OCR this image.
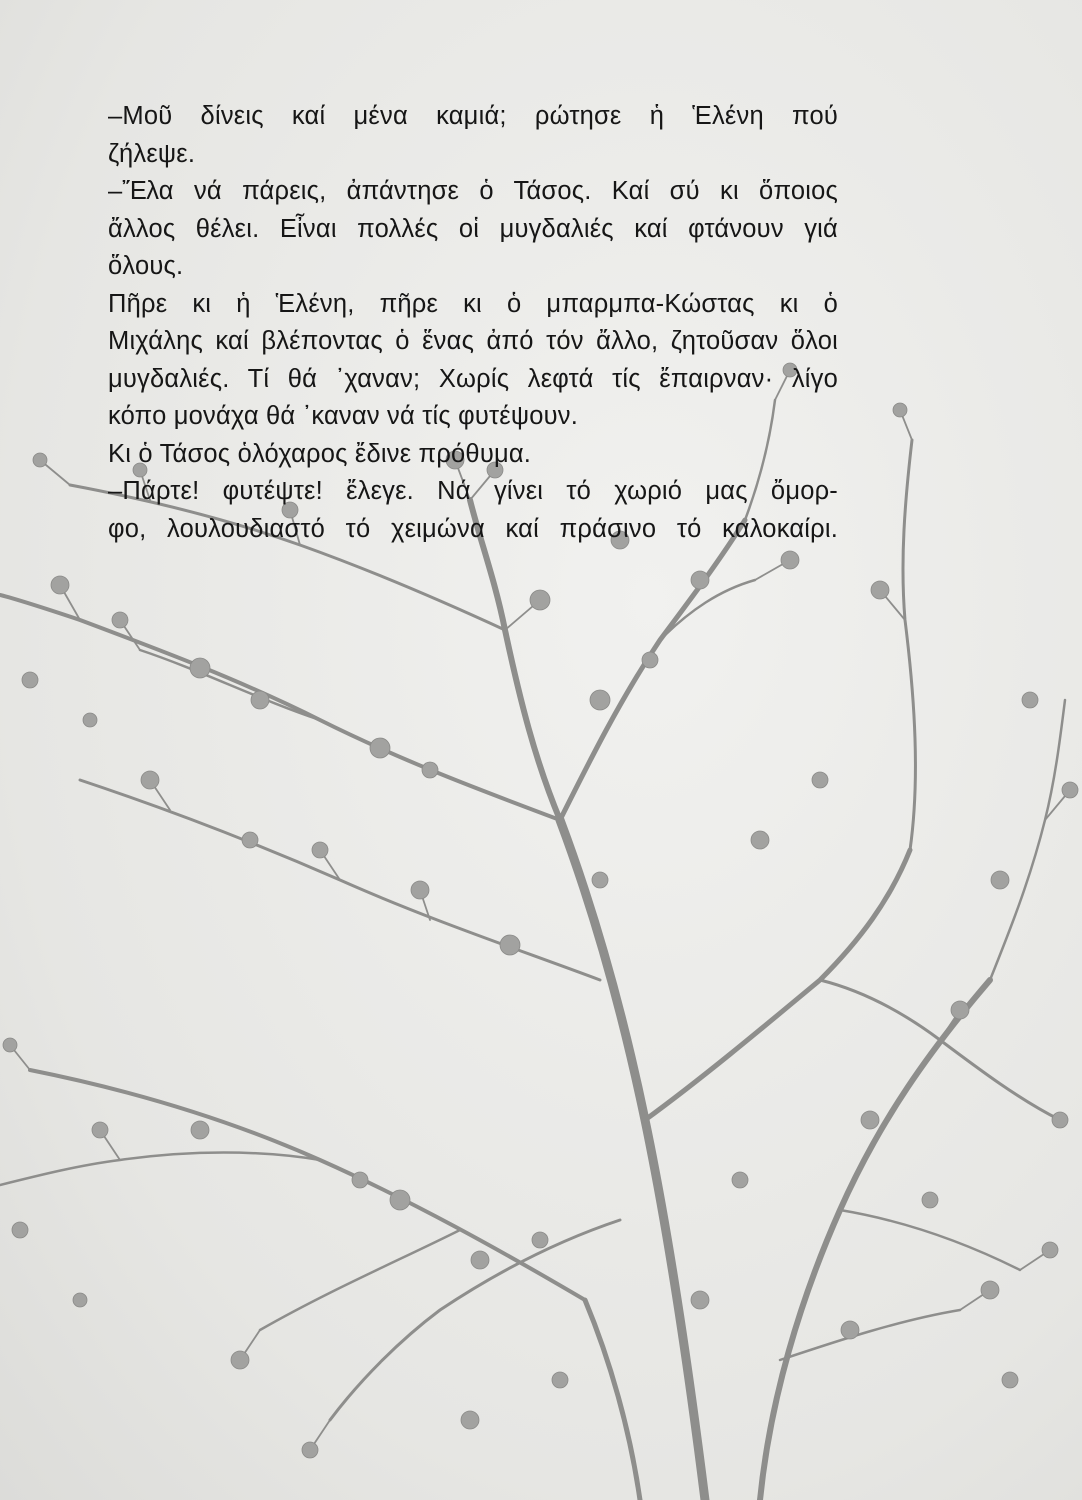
–Μοῦ δίνεις καί μένα καμιά; ρώτησε ἡ Ἑλένη πού
ζήλεψε.

–Ἔλα νά πάρεις, ἀπάντησε ὁ Τάσος. Καί σύ κι ὅποιος
ἄλλος θέλει. Εἶναι πολλές οἱ μυγδαλιές καί φτάνουν γιά
ὅλους.

Πῆρε κι ἡ Ἑλένη, πῆρε κι ὁ μπαρμπα-Κώστας κι ὁ
Μιχάλης καί βλέποντας ὁ ἕνας ἀπό τόν ἄλλο, ζητοῦσαν ὅλοι
μυγδαλιές. Τί θά ᾿χαναν; Χωρίς λεφτά τίς ἔπαιρναν· λίγο
κόπο μονάχα θά ᾿καναν νά τίς φυτέψουν.

Κι ὁ Τάσος ὁλόχαρος ἔδινε πρόθυμα.

–Πάρτε! φυτέψτε! ἔλεγε. Νά γίνει τό χωριό μας ὄμορ-
φο, λουλουδιαστό τό χειμώνα καί πράσινο τό καλοκαίρι.
